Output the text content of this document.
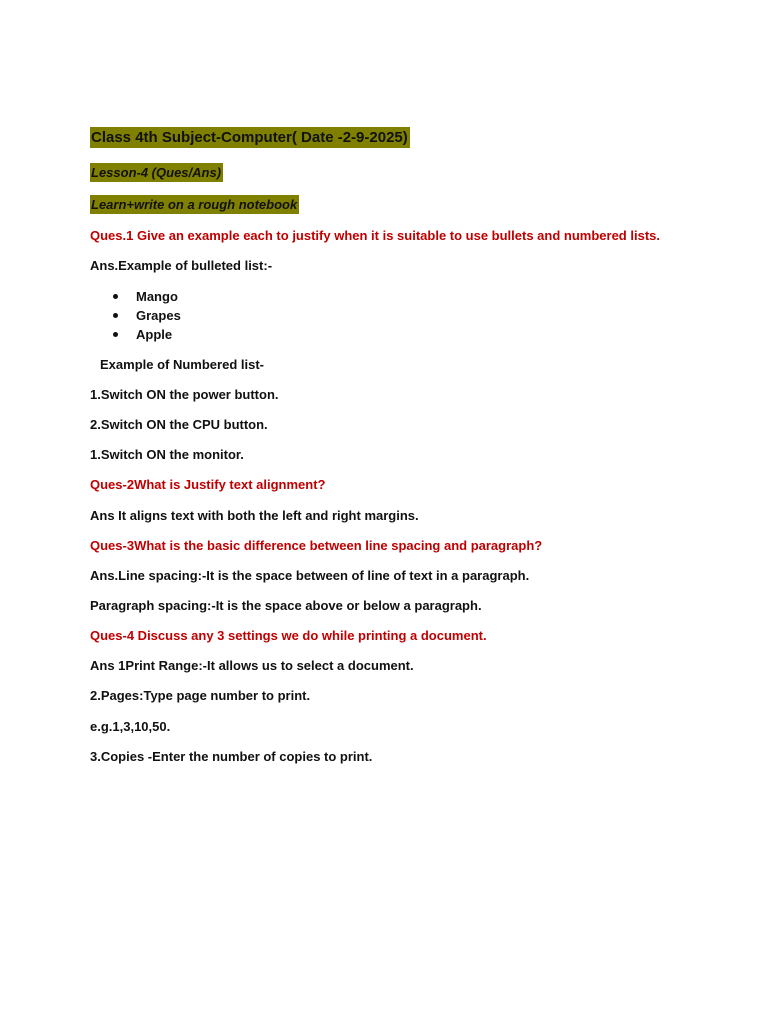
Class 4th Subject-Computer( Date -2-9-2025)
Lesson-4 (Ques/Ans)
Learn+write on a rough notebook
Ques.1 Give an example each to justify when it is suitable to use bullets and numbered lists.
Ans.Example of bulleted list:-
Mango
Grapes
Apple
Example of Numbered list-
1.Switch ON the power button.
2.Switch ON the CPU button.
1.Switch ON the monitor.
Ques-2What is Justify text alignment?
Ans It aligns text with both the left and right margins.
Ques-3What is the basic difference between line spacing and paragraph?
Ans.Line spacing:-It is the space between of line of text in a paragraph.
Paragraph spacing:-It is the space above or below a paragraph.
Ques-4 Discuss any 3 settings we do while printing a document.
Ans 1Print Range:-It allows us to select a document.
2.Pages:Type page number to print.
e.g.1,3,10,50.
3.Copies -Enter the number of copies to print.
